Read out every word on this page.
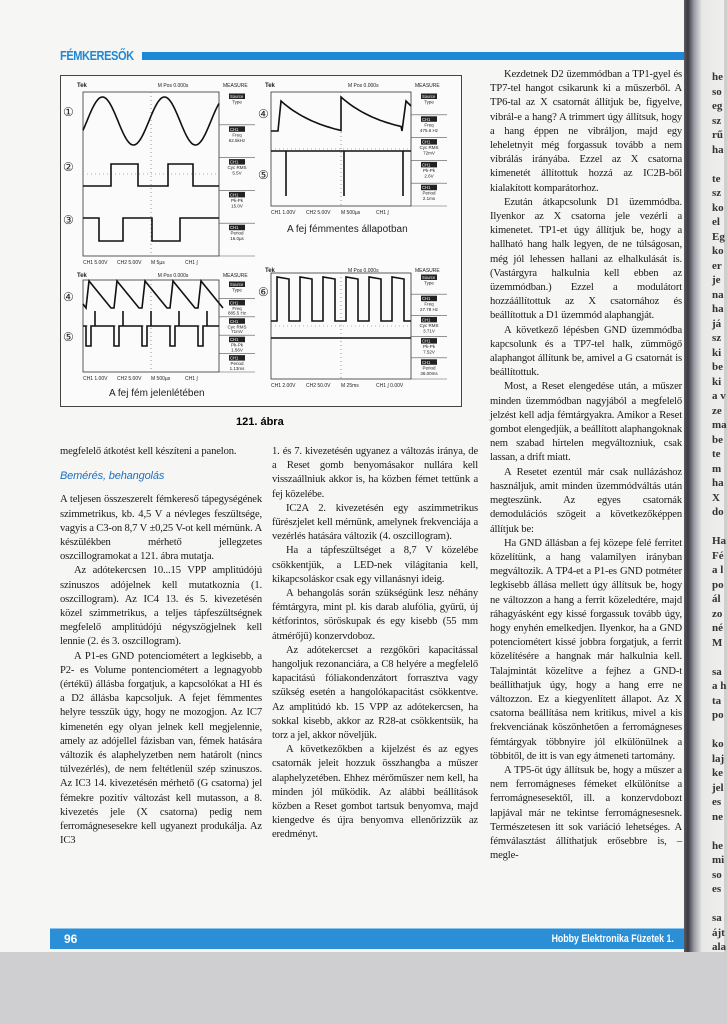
FÉMKERESŐK
Tek	M Pos 0.000s	MEASURE
Source
Type
CH1
Freq
62.5kHz
CH1
Cyc RMS
5.5V
CH1
Pk-Pk
15.0V
CH1
Period
16.0µs
CH1 5.00V CH2 5.00V M 5µs	CH1 ∫
①
②
③
Tek	M Pos 0.000s	MEASURE
Source
Type
CH1
Freq
475.6 Hz
CH1
Cyc RMS
72mV
CH1
Pk-Pk
2.6V
CH1
Period
2.1ms
CH1 1.00V CH2 5.00V M 500µs	CH1 ∫
④
⑤
Tek	M Pos 0.000s	MEASURE
Source
Type
CH1
Freq
885.5 Hz
CH1
Cyc RMS
71mV
CH1
Pk-Pk
1.56V
CH1
Period
1.13ms
CH1 1.00V CH2 5.00V M 500µs	CH1 ∫
④
⑤
Tek	M Pos 0.000s	MEASURE
Source
Type
CH1
Freq
27.78 Hz
CH1
Cyc RMS
3.71V
CH1
Pk-Pk
7.52V
CH1
Period
36.00ms
CH1 2.00V CH2 50.0V M 25ms	CH1 ∫ 0.00V
⑥
A fej fémmentes állapotban
A fej fém jelenlétében
121. ábra

megfelelő átkotést kell készíteni a panelon.

Bemérés, behangolás

A teljesen összeszerelt fémkereső tápegységének szimmetrikus, kb. 4,5 V a névleges feszültsége, vagyis a C3-on 8,7 V ±0,25 V-ot kell mérnünk. A készülékben mérhető jellegzetes oszcillogramokat a 121. ábra mutatja.

Az adótekercsen 10...15 VPP amplitúdójú szinuszos adójelnek kell mutatkoznia (1. oszcillogram). Az IC4 13. és 5. kivezetésén közel szimmetrikus, a teljes tápfeszültségnek megfelelő amplitúdójú négyszögjelnek kell lennie (2. és 3. oszcillogram).

A P1-es GND potenciométert a legkisebb, a P2- es Volume pontenciométert a legnagyobb (értékű) állásba forgatjuk, a kapcsolókat a HI és a D2 állásba kapcsoljuk. A fejet fémmentes helyre tesszük úgy, hogy ne mozogjon. Az IC7 kimenetén egy olyan jelnek kell megjelennie, amely az adójellel fázisban van, fémek hatására változik és alaphelyzetben nem határolt (nincs túlvezérlés), de nem feltétlenül szép szinuszos. Az IC3 14. kivezetésén mérhető (G csatorna) jel fémekre pozitív változást kell mutasson, a 8. kivezetés jele (X csatorna) pedig nem ferromágnesesekre kell ugyanezt produkálja. Az IC3

1. és 7. kivezetésén ugyanez a változás iránya, de a Reset gomb benyomásakor nullára kell visszaállniuk akkor is, ha közben fémet tettünk a fej közelébe.

IC2A 2. kivezetésén egy aszimmetrikus fűrészjelet kell mérnünk, amelynek frekvenciája a vezérlés hatására változik (4. oszcillogram).

Ha a tápfeszültséget a 8,7 V közelébe csökkentjük, a LED-nek világítania kell, kikapcsoláskor csak egy villanásnyi ideig.

A behangolás során szükségünk lesz néhány fémtárgyra, mint pl. kis darab alufólia, gyűrű, új kétforintos, söröskupak és egy kisebb (55 mm átmérőjű) konzervdoboz.

Az adótekercset a rezgőköri kapacitással hangoljuk rezonanciára, a C8 helyére a megfelelő kapacitású fóliakondenzátort forrasztva vagy szükség esetén a hangolókapacitást csökkentve. Az amplitúdó kb. 15 VPP az adótekercsen, ha sokkal kisebb, akkor az R28-at csökkentsük, ha torz a jel, akkor növeljük.

A következőkben a kijelzést és az egyes csatornák jeleit hozzuk összhangba a műszer alaphelyzetében. Ehhez mérőműszer nem kell, ha minden jól működik. Az alábbi beállítások közben a Reset gombot tartsuk benyomva, majd kiengedve és újra benyomva ellenőrizzük az eredményt.

Kezdetnek D2 üzemmódban a TP1-gyel és TP7-tel hangot csikarunk ki a műszerből. A TP6-tal az X csatornát állítjuk be, figyelve, vibrál-e a hang? A trimmert úgy állítsuk, hogy a hang éppen ne vibráljon, majd egy leheletnyit még forgassuk tovább a nem vibrálás irányába. Ezzel az X csatorna kimenetét állítottuk hozzá az IC2B-ből kialakított komparátorhoz.

Ezután átkapcsolunk D1 üzemmódba. Ilyenkor az X csatorna jele vezérli a kimenetet. TP1-et úgy állítjuk be, hogy a hallható hang halk legyen, de ne túlságosan, még jól lehessen hallani az elhalkulását is. (Vastárgyra halkulnia kell ebben az üzemmódban.) Ezzel a modulátort hozzáállítottuk az X csatornához és beállítottuk a D1 üzemmód alaphangját.

A következő lépésben GND üzemmódba kapcsolunk és a TP7-tel halk, zümmögő alaphangot állítunk be, amivel a G csatornát is beállítottuk.

Most, a Reset elengedése után, a műszer minden üzemmódban nagyjából a megfelelő jelzést kell adja fémtárgyakra. Amikor a Reset gombot elengedjük, a beállított alaphangoknak nem szabad hirtelen megváltozniuk, csak lassan, a drift miatt.

A Resetet ezentúl már csak nullázáshoz használjuk, amit minden üzemmódváltás után megteszünk. Az egyes csatornák demodulációs szögeit a következőképpen állítjuk be:

Ha GND állásban a fej közepe felé ferritet közelítünk, a hang valamilyen irányban megváltozik. A TP4-et a P1-es GND potméter legkisebb állása mellett úgy állítsuk be, hogy ne változzon a hang a ferrit közeledtére, majd ráhagyásként egy kissé forgassuk tovább úgy, hogy enyhén emelkedjen. Ilyenkor, ha a GND potenciométert kissé jobbra forgatjuk, a ferrit közelítésére a hangnak már halkulnia kell. Talajmintát közelítve a fejhez a GND-t beállíthatjuk úgy, hogy a hang erre ne változzon. Ez a kiegyenlített állapot. Az X csatorna beállítása nem kritikus, mivel a kis frekvenciának köszönhetően a ferromágneses fémtárgyak többnyire jól elkülönülnek a többitől, de itt is van egy átmeneti tartomány.

A TP5-öt úgy állítsuk be, hogy a műszer a nem ferromágneses fémeket elkülönítse a ferromágnesesektől, ill. a konzervdobozt lapjával már ne tekintse ferromágnesesnek. Természetesen itt sok variáció lehetséges. A fémválasztást állíthatjuk erősebbre is, – megle-

96	Hobby Elektronika Füzetek 1.
he
so
eg
sz
rű
ha

te
sz
ko
el
Eg
ko
er
je
na
ha
já
sz
ki
be
ki
a v
ze
ma
be
te
m
ha
X
do

Ha
Fé
a l
po
ál
zo
né
M

sa
a h
ta
po

ko
laj
ke
jel
es
ne

he
mi
so
es

sa
ájt
ala
